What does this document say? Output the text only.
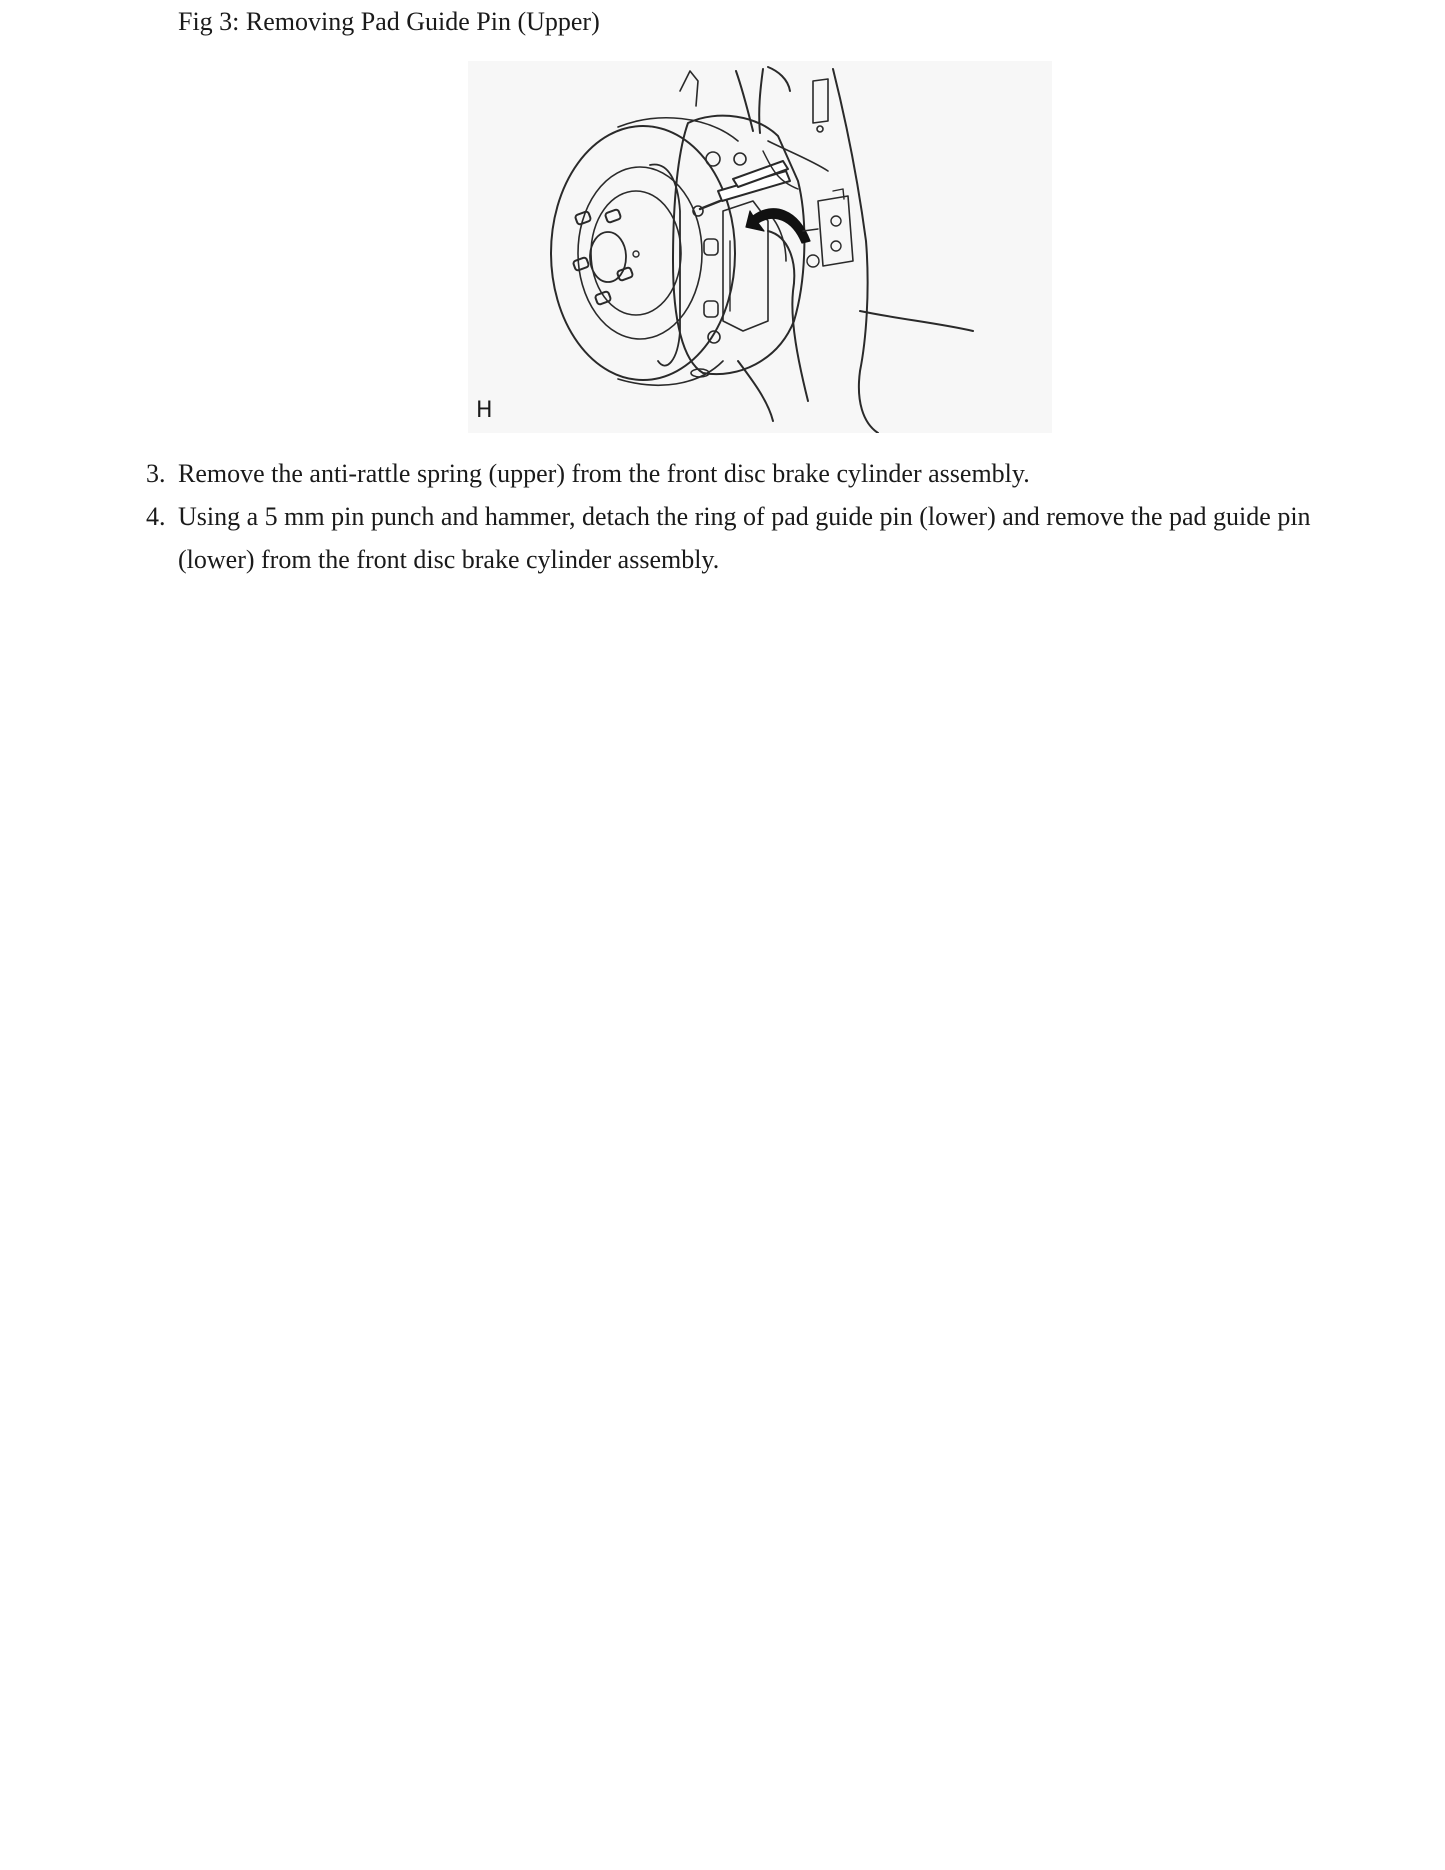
Fig 3: Removing Pad Guide Pin (Upper)

H
3. Remove the anti-rattle spring (upper) from the front disc brake cylinder assembly.
4. Using a 5 mm pin punch and hammer, detach the ring of pad guide pin (lower) and remove the pad guide pin (lower) from the front disc brake cylinder assembly.
